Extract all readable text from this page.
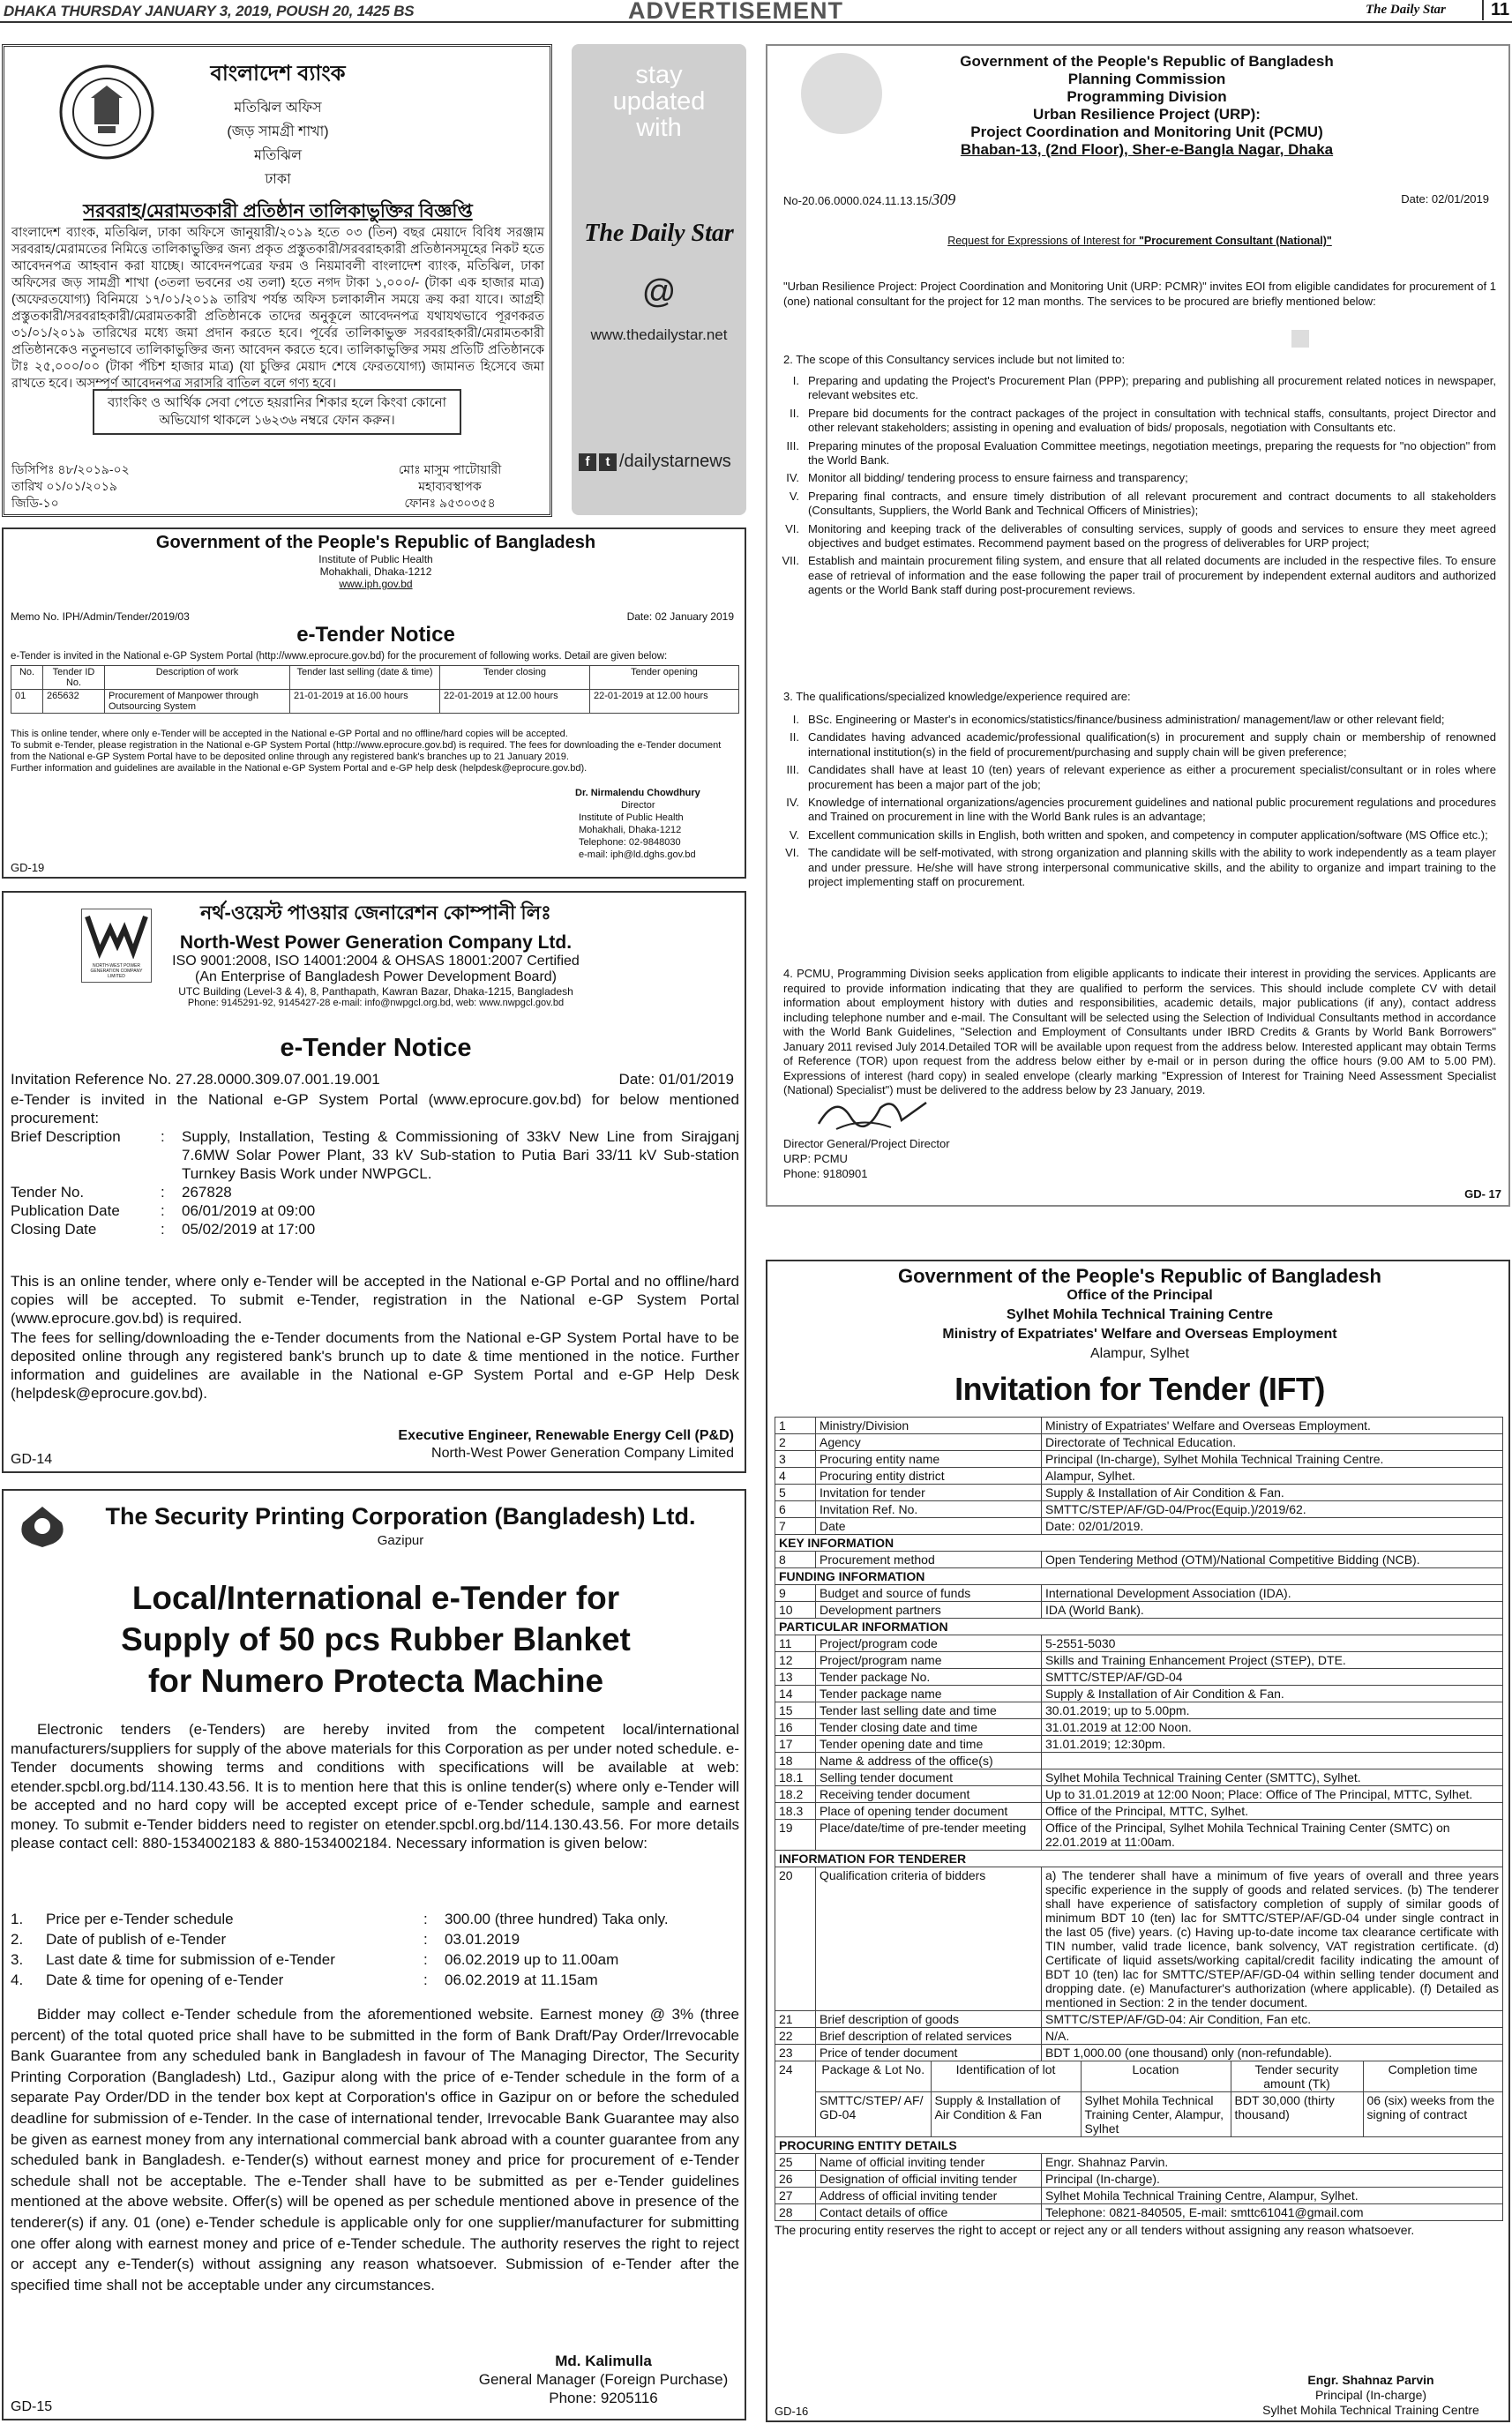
DHAKA THURSDAY JANUARY 3, 2019, POUSH 20, 1425 BS	ADVERTISEMENT	The Daily Star	11
বাংলাদেশ ব্যাংক
মতিঝিল অফিস
(জড় সামগ্রী শাখা)
মতিঝিল
ঢাকা
সরবরাহ/মেরামতকারী প্রতিষ্ঠান তালিকাভুক্তির বিজ্ঞপ্তি
বাংলাদেশ ব্যাংক, মতিঝিল, ঢাকা অফিসে জানুয়ারী/২০১৯ হতে ০৩ (তিন) বছর মেয়াদে বিবিধ সরঞ্জাম সরবরাহ/মেরামতের নিমিত্তে তালিকাভুক্তির জন্য প্রকৃত প্রস্তুতকারী/সরবরাহকারী প্রতিষ্ঠানসমূহের নিকট হতে আবেদনপত্র আহবান করা যাচ্ছে। আবেদনপত্রের ফরম ও নিয়মাবলী বাংলাদেশ ব্যাংক, মতিঝিল, ঢাকা অফিসের জড় সামগ্রী শাখা (৩তলা ভবনের ৩য় তলা) হতে নগদ টাকা ১,০০০/- (টাকা এক হাজার মাত্র) (অফেরতযোগ্য) বিনিময়ে ১৭/০১/২০১৯ তারিখ পর্যন্ত অফিস চলাকালীন সময়ে ক্রয় করা যাবে। আগ্রহী প্রস্তুতকারী/সরবরাহকারী/মেরামতকারী প্রতিষ্ঠানকে তাদের অনুকূলে আবেদনপত্র যথাযথভাবে পূরণকরত ৩১/০১/২০১৯ তারিখের মধ্যে জমা প্রদান করতে হবে। পূর্বের তালিকাভুক্ত সরবরাহকারী/মেরামতকারী প্রতিষ্ঠানকেও নতুনভাবে তালিকাভুক্তির জন্য আবেদন করতে হবে। তালিকাভুক্তির সময় প্রতিটি প্রতিষ্ঠানকে টাঃ ২৫,০০০/০০ (টাকা পঁচিশ হাজার মাত্র) (যা চুক্তির মেয়াদ শেষে ফেরতযোগ্য) জামানত হিসেবে জমা রাখতে হবে। অসম্পূর্ণ আবেদনপত্র সরাসরি বাতিল বলে গণ্য হবে।
ব্যাংকিং ও আর্থিক সেবা পেতে হয়রানির শিকার হলে কিংবা কোনো অভিযোগ থাকলে ১৬২৩৬ নম্বরে ফোন করুন।
ডিসিপিঃ ৪৮/২০১৯-০২
তারিখ ০১/০১/২০১৯
জিডি-১০
মোঃ মাসুম পাটোয়ারী
মহাব্যবস্থাপক
ফোনঃ ৯৫৩০৩৫৪
stay
updated
with
The Daily Star
@
www.thedailystar.net
f	t /dailystarnews
Government of the People's Republic of Bangladesh
Institute of Public Health
Mohakhali, Dhaka-1212
www.iph.gov.bd
Memo No. IPH/Admin/Tender/2019/03	Date: 02 January 2019
e-Tender Notice
e-Tender is invited in the National e-GP System Portal (http://www.eprocure.gov.bd) for the procurement of following works. Detail are given below:
No.	Tender ID No.	Description of work	Tender last selling (date & time)	Tender closing	Tender opening
01	265632	Procurement of Manpower through Outsourcing System	21-01-2019 at 16.00 hours	22-01-2019 at 12.00 hours	22-01-2019 at 12.00 hours
This is online tender, where only e-Tender will be accepted in the National e-GP Portal and no offline/hard copies will be accepted.
To submit e-Tender, please registration in the National e-GP System Portal (http://www.eprocure.gov.bd) is required. The fees for downloading the e-Tender document from the National e-GP System Portal have to be deposited online through any registered bank's branches up to 21 January 2019.
Further information and guidelines are available in the National e-GP System Portal and e-GP help desk (helpdesk@eprocure.gov.bd).
Dr. Nirmalendu Chowdhury
Director
Institute of Public Health
Mohakhali, Dhaka-1212
Telephone: 02-9848030
e-mail: iph@ld.dghs.gov.bd
GD-19
NORTH-WEST POWER GENERATION COMPANY LIMITED
নর্থ-ওয়েস্ট পাওয়ার জেনারেশন কোম্পানী লিঃ
North-West Power Generation Company Ltd.
ISO 9001:2008, ISO 14001:2004 & OHSAS 18001:2007 Certified
(An Enterprise of Bangladesh Power Development Board)
UTC Building (Level-3 & 4), 8, Panthapath, Kawran Bazar, Dhaka-1215, Bangladesh
Phone: 9145291-92, 9145427-28 e-mail: info@nwpgcl.org.bd, web: www.nwpgcl.gov.bd
e-Tender Notice
Invitation Reference No. 27.28.0000.309.07.001.19.001	Date: 01/01/2019
e-Tender is invited in the National e-GP System Portal (www.eprocure.gov.bd) for below mentioned procurement:
Brief Description	:	Supply, Installation, Testing & Commissioning of 33kV New Line from Sirajganj 7.6MW Solar Power Plant, 33 kV Sub-station to Putia Bari 33/11 kV Sub-station Turnkey Basis Work under NWPGCL.
Tender No.	:	267828
Publication Date	:	06/01/2019 at 09:00
Closing Date	:	05/02/2019 at 17:00
This is an online tender, where only e-Tender will be accepted in the National e-GP Portal and no offline/hard copies will be accepted. To submit e-Tender, registration in the National e-GP System Portal (www.eprocure.gov.bd) is required.
The fees for selling/downloading the e-Tender documents from the National e-GP System Portal have to be deposited online through any registered bank's brunch up to date & time mentioned in the notice. Further information and guidelines are available in the National e-GP System Portal and e-GP Help Desk (helpdesk@eprocure.gov.bd).
Executive Engineer, Renewable Energy Cell (P&D)
North-West Power Generation Company Limited
GD-14
The Security Printing Corporation (Bangladesh) Ltd.
Gazipur
Local/International e-Tender for
Supply of 50 pcs Rubber Blanket
for Numero Protecta Machine
Electronic tenders (e-Tenders) are hereby invited from the competent local/international manufacturers/suppliers for supply of the above materials for this Corporation as per under noted schedule. e-Tender documents showing terms and conditions with specifications will be available at web: etender.spcbl.org.bd/114.130.43.56. It is to mention here that this is online tender(s) where only e-Tender will be accepted and no hard copy will be accepted except price of e-Tender schedule, sample and earnest money. To submit e-Tender bidders need to register on etender.spcbl.org.bd/114.130.43.56. For more details please contact cell: 880-1534002183 & 880-1534002184. Necessary information is given below:
1.	Price per e-Tender schedule	:	300.00 (three hundred) Taka only.
2.	Date of publish of e-Tender	:	03.01.2019
3.	Last date & time for submission of e-Tender	:	06.02.2019 up to 11.00am
4.	Date & time for opening of e-Tender	:	06.02.2019 at 11.15am
Bidder may collect e-Tender schedule from the aforementioned website. Earnest money @ 3% (three percent) of the total quoted price shall have to be submitted in the form of Bank Draft/Pay Order/Irrevocable Bank Guarantee from any scheduled bank in Bangladesh in favour of The Managing Director, The Security Printing Corporation (Bangladesh) Ltd., Gazipur along with the price of e-Tender schedule in the form of a separate Pay Order/DD in the tender box kept at Corporation's office in Gazipur on or before the scheduled deadline for submission of e-Tender. In the case of international tender, Irrevocable Bank Guarantee may also be given as earnest money from any international commercial bank abroad with a counter guarantee from any scheduled bank in Bangladesh. e-Tender(s) without earnest money and price for procurement of e-Tender schedule shall not be acceptable. The e-Tender shall have to be submitted as per e-Tender guidelines mentioned at the above website. Offer(s) will be opened as per schedule mentioned above in presence of the tenderer(s) if any. 01 (one) e-Tender schedule is applicable only for one supplier/manufacturer for submitting one offer along with earnest money and price of e-Tender schedule. The authority reserves the right to reject or accept any e-Tender(s) without assigning any reason whatsoever. Submission of e-Tender after the specified time shall not be acceptable under any circumstances.
Md. Kalimulla
General Manager (Foreign Purchase)
Phone: 9205116
GD-15
Government of the People's Republic of Bangladesh
Planning Commission
Programming Division
Urban Resilience Project (URP):
Project Coordination and Monitoring Unit (PCMU)
Bhaban-13, (2nd Floor), Sher-e-Bangla Nagar, Dhaka
No-20.06.0000.024.11.13.15/309	Date: 02/01/2019
Request for Expressions of Interest for "Procurement Consultant (National)"
"Urban Resilience Project: Project Coordination and Monitoring Unit (URP: PCMR)" invites EOI from eligible candidates for procurement of 1 (one) national consultant for the project for 12 man months. The services to be procured are briefly mentioned below:
2. The scope of this Consultancy services include but not limited to:
I. Preparing and updating the Project's Procurement Plan (PPP); preparing and publishing all procurement related notices in newspaper, relevant websites etc.
II. Prepare bid documents for the contract packages of the project in consultation with technical staffs, consultants, project Director and other relevant stakeholders; assisting in opening and evaluation of bids/ proposals, negotiation with Consultants etc.
III. Preparing minutes of the proposal Evaluation Committee meetings, negotiation meetings, preparing the requests for "no objection" from the World Bank.
IV. Monitor all bidding/ tendering process to ensure fairness and transparency;
V. Preparing final contracts, and ensure timely distribution of all relevant procurement and contract documents to all stakeholders (Consultants, Suppliers, the World Bank and Technical Officers of Ministries);
VI. Monitoring and keeping track of the deliverables of consulting services, supply of goods and services to ensure they meet agreed objectives and budget estimates. Recommend payment based on the progress of deliverables for URP project;
VII. Establish and maintain procurement filing system, and ensure that all related documents are included in the respective files. To ensure ease of retrieval of information and the ease following the paper trail of procurement by independent external auditors and authorized agents or the World Bank staff during post-procurement reviews.
3. The qualifications/specialized knowledge/experience required are:
I. BSc. Engineering or Master's in economics/statistics/finance/business administration/ management/law or other relevant field;
II. Candidates having advanced academic/professional qualification(s) in procurement and supply chain or membership of renowned international institution(s) in the field of procurement/purchasing and supply chain will be given preference;
III. Candidates shall have at least 10 (ten) years of relevant experience as either a procurement specialist/consultant or in roles where procurement has been a major part of the job;
IV. Knowledge of international organizations/agencies procurement guidelines and national public procurement regulations and procedures and Trained on procurement in line with the World Bank rules is an advantage;
V. Excellent communication skills in English, both written and spoken, and competency in computer application/software (MS Office etc.);
VI. The candidate will be self-motivated, with strong organization and planning skills with the ability to work independently as a team player and under pressure. He/she will have strong interpersonal communicative skills, and the ability to organize and impart training to the project implementing staff on procurement.
4. PCMU, Programming Division seeks application from eligible applicants to indicate their interest in providing the services. Applicants are required to provide information indicating that they are qualified to perform the services. This should include complete CV with detail information about employment history with duties and responsibilities, academic details, major publications (if any), contact address including telephone number and e-mail. The Consultant will be selected using the Selection of Individual Consultants method in accordance with the World Bank Guidelines, "Selection and Employment of Consultants under IBRD Credits & Grants by World Bank Borrowers" January 2011 revised July 2014.Detailed TOR will be available upon request from the address below. Interested applicant may obtain Terms of Reference (TOR) upon request from the address below either by e-mail or in person during the office hours (9.00 AM to 5.00 PM). Expressions of interest (hard copy) in sealed envelope (clearly marking "Expression of Interest for Training Need Assessment Specialist (National) Specialist") must be delivered to the address below by 23 January, 2019.
Director General/Project Director
URP: PCMU
Phone: 9180901
GD- 17
Government of the People's Republic of Bangladesh
Office of the Principal
Sylhet Mohila Technical Training Centre
Ministry of Expatriates' Welfare and Overseas Employment
Alampur, Sylhet
Invitation for Tender (IFT)
1	Ministry/Division	Ministry of Expatriates' Welfare and Overseas Employment.
2	Agency	Directorate of Technical Education.
3	Procuring entity name	Principal (In-charge), Sylhet Mohila Technical Training Centre.
4	Procuring entity district	Alampur, Sylhet.
5	Invitation for tender	Supply & Installation of Air Condition & Fan.
6	Invitation Ref. No.	SMTTC/STEP/AF/GD-04/Proc(Equip.)/2019/62.
7	Date	Date: 02/01/2019.
KEY INFORMATION
8	Procurement method	Open Tendering Method (OTM)/National Competitive Bidding (NCB).
FUNDING INFORMATION
9	Budget and source of funds	International Development Association (IDA).
10	Development partners	IDA (World Bank).
PARTICULAR INFORMATION
11	Project/program code	5-2551-5030
12	Project/program name	Skills and Training Enhancement Project (STEP), DTE.
13	Tender package No.	SMTTC/STEP/AF/GD-04
14	Tender package name	Supply & Installation of Air Condition & Fan.
15	Tender last selling date and time	30.01.2019; up to 5.00pm.
16	Tender closing date and time	31.01.2019 at 12:00 Noon.
17	Tender opening date and time	31.01.2019; 12:30pm.
18	Name & address of the office(s)	
18.1	Selling tender document	Sylhet Mohila Technical Training Center (SMTTC), Sylhet.
18.2	Receiving tender document	Up to 31.01.2019 at 12:00 Noon; Place: Office of The Principal, MTTC, Sylhet.
18.3	Place of opening tender document	Office of the Principal, MTTC, Sylhet.
19	Place/date/time of pre-tender meeting	Office of the Principal, Sylhet Mohila Technical Training Center (SMTC) on 22.01.2019 at 11:00am.
INFORMATION FOR TENDERER
20	Qualification criteria of bidders	a) The tenderer shall have a minimum of five years of overall and three years specific experience in the supply of goods and related services. (b) The tenderer shall have experience of satisfactory completion of supply of similar goods of minimum BDT 10 (ten) lac for SMTTC/STEP/AF/GD-04 under single contract in the last 05 (five) years. (c) Having up-to-date income tax clearance certificate with TIN number, valid trade licence, bank solvency, VAT registration certificate. (d) Certificate of liquid assets/working capital/credit facility indicating the amount of BDT 10 (ten) lac for SMTTC/STEP/AF/GD-04 within selling tender document and dropping date. (e) Manufacturer's authorization (where applicable). (f) Detailed as mentioned in Section: 2 in the tender document.
21	Brief description of goods	SMTTC/STEP/AF/GD-04: Air Condition, Fan etc.
22	Brief description of related services	N/A.
23	Price of tender document	BDT 1,000.00 (one thousand) only (non-refundable).
24	Package & Lot No.	Identification of lot	Location	Tender security amount (Tk)	Completion time
SMTTC/STEP/ AF/ GD-04	Supply & Installation of Air Condition & Fan	Sylhet Mohila Technical Training Center, Alampur, Sylhet	BDT 30,000 (thirty thousand)	06 (six) weeks from the signing of contract

PROCURING ENTITY DETAILS
25	Name of official inviting tender	Engr. Shahnaz Parvin.
26	Designation of official inviting tender	Principal (In-charge).
27	Address of official inviting tender	Sylhet Mohila Technical Training Centre, Alampur, Sylhet.
28	Contact details of office	Telephone: 0821-840505, E-mail: smttc61041@gmail.com
The procuring entity reserves the right to accept or reject any or all tenders without assigning any reason whatsoever.
Engr. Shahnaz Parvin
Principal (In-charge)
Sylhet Mohila Technical Training Centre
GD-16
